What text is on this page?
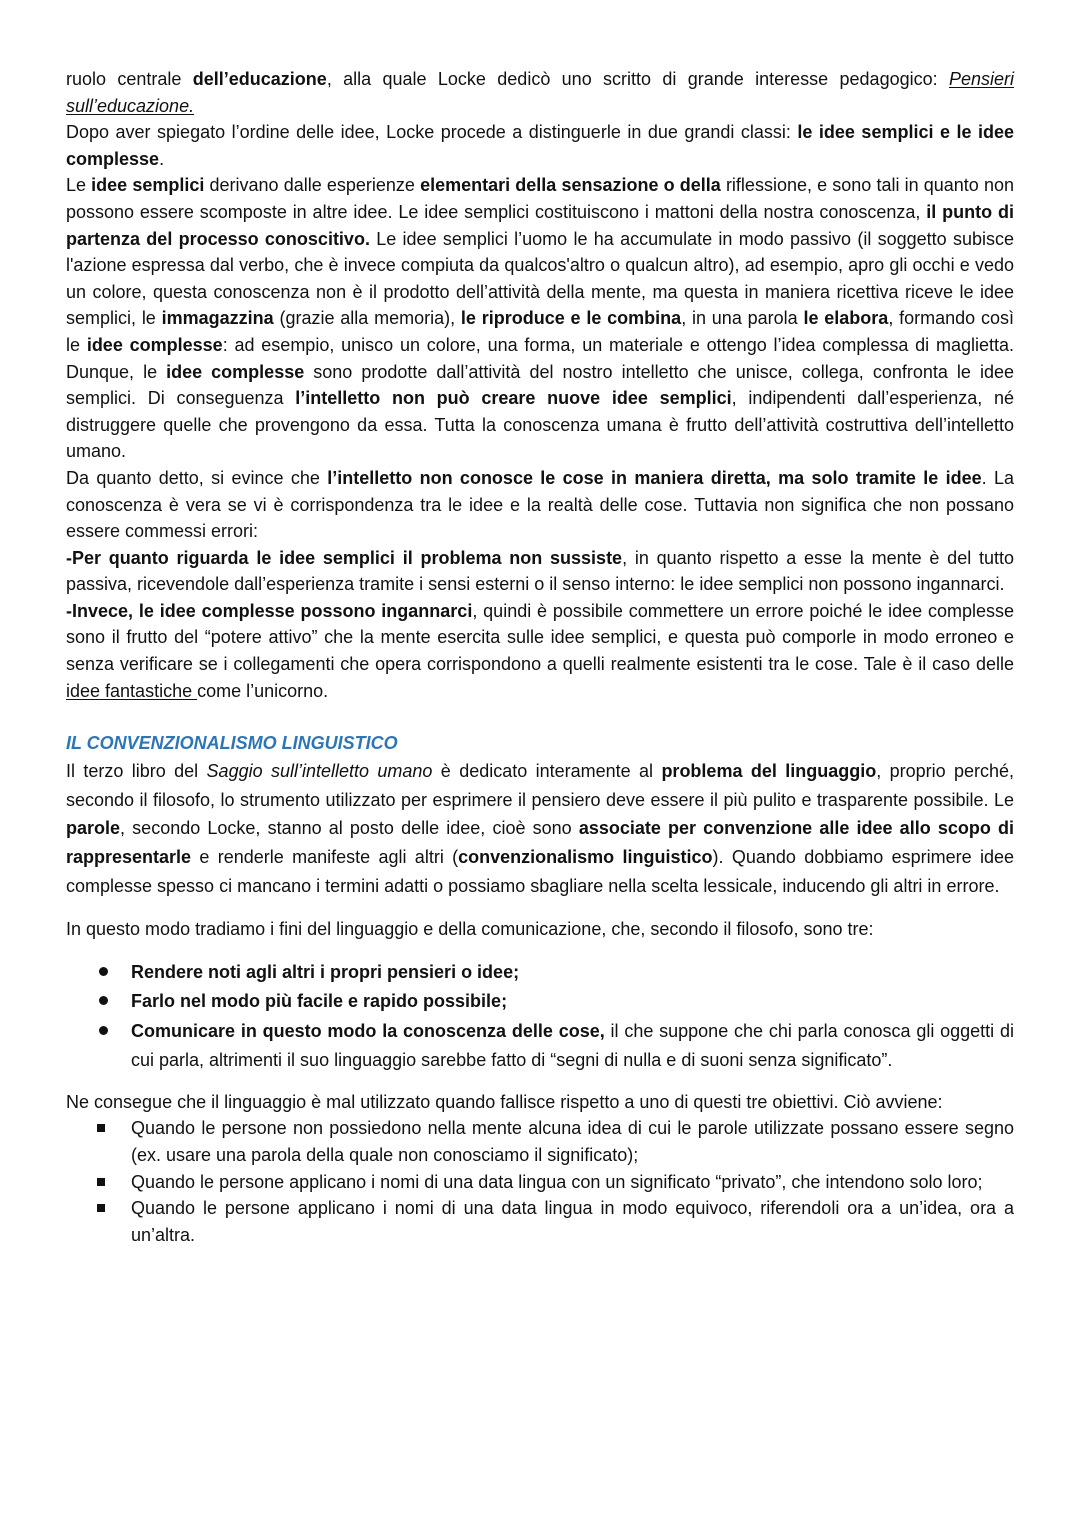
ruolo centrale dell’educazione, alla quale Locke dedicò uno scritto di grande interesse pedagogico: Pensieri sull’educazione.

Dopo aver spiegato l’ordine delle idee, Locke procede a distinguerle in due grandi classi: le idee semplici e le idee complesse.

Le idee semplici derivano dalle esperienze elementari della sensazione o della riflessione, e sono tali in quanto non possono essere scomposte in altre idee. Le idee semplici costituiscono i mattoni della nostra conoscenza, il punto di partenza del processo conoscitivo. Le idee semplici l’uomo le ha accumulate in modo passivo (il soggetto subisce l'azione espressa dal verbo, che è invece compiuta da qualcos'altro o qualcun altro), ad esempio, apro gli occhi e vedo un colore, questa conoscenza non è il prodotto dell’attività della mente, ma questa in maniera ricettiva riceve le idee semplici, le immagazzina (grazie alla memoria), le riproduce e le combina, in una parola le elabora, formando così le idee complesse: ad esempio, unisco un colore, una forma, un materiale e ottengo l’idea complessa di maglietta. Dunque, le idee complesse sono prodotte dall’attività del nostro intelletto che unisce, collega, confronta le idee semplici. Di conseguenza l’intelletto non può creare nuove idee semplici, indipendenti dall’esperienza, né distruggere quelle che provengono da essa. Tutta la conoscenza umana è frutto dell’attività costruttiva dell’intelletto umano.

Da quanto detto, si evince che l’intelletto non conosce le cose in maniera diretta, ma solo tramite le idee. La conoscenza è vera se vi è corrispondenza tra le idee e la realtà delle cose. Tuttavia non significa che non possano essere commessi errori:

-Per quanto riguarda le idee semplici il problema non sussiste, in quanto rispetto a esse la mente è del tutto passiva, ricevendole dall’esperienza tramite i sensi esterni o il senso interno: le idee semplici non possono ingannarci.

-Invece, le idee complesse possono ingannarci, quindi è possibile commettere un errore poiché le idee complesse sono il frutto del “potere attivo” che la mente esercita sulle idee semplici, e questa può comporle in modo erroneo e senza verificare se i collegamenti che opera corrispondono a quelli realmente esistenti tra le cose. Tale è il caso delle idee fantastiche come l’unicorno.

IL CONVENZIONALISMO LINGUISTICO

Il terzo libro del Saggio sull’intelletto umano è dedicato interamente al problema del linguaggio, proprio perché, secondo il filosofo, lo strumento utilizzato per esprimere il pensiero deve essere il più pulito e trasparente possibile. Le parole, secondo Locke, stanno al posto delle idee, cioè sono associate per convenzione alle idee allo scopo di rappresentarle e renderle manifeste agli altri (convenzionalismo linguistico). Quando dobbiamo esprimere idee complesse spesso ci mancano i termini adatti o possiamo sbagliare nella scelta lessicale, inducendo gli altri in errore.

In questo modo tradiamo i fini del linguaggio e della comunicazione, che, secondo il filosofo, sono tre:

Rendere noti agli altri i propri pensieri o idee;
Farlo nel modo più facile e rapido possibile;
Comunicare in questo modo la conoscenza delle cose, il che suppone che chi parla conosca gli oggetti di cui parla, altrimenti il suo linguaggio sarebbe fatto di “segni di nulla e di suoni senza significato”.

Ne consegue che il linguaggio è mal utilizzato quando fallisce rispetto a uno di questi tre obiettivi. Ciò avviene:

Quando le persone non possiedono nella mente alcuna idea di cui le parole utilizzate possano essere segno (ex. usare una parola della quale non conosciamo il significato);
Quando le persone applicano i nomi di una data lingua con un significato “privato”, che intendono solo loro;
Quando le persone applicano i nomi di una data lingua in modo equivoco, riferendoli ora a un’idea, ora a un’altra.
